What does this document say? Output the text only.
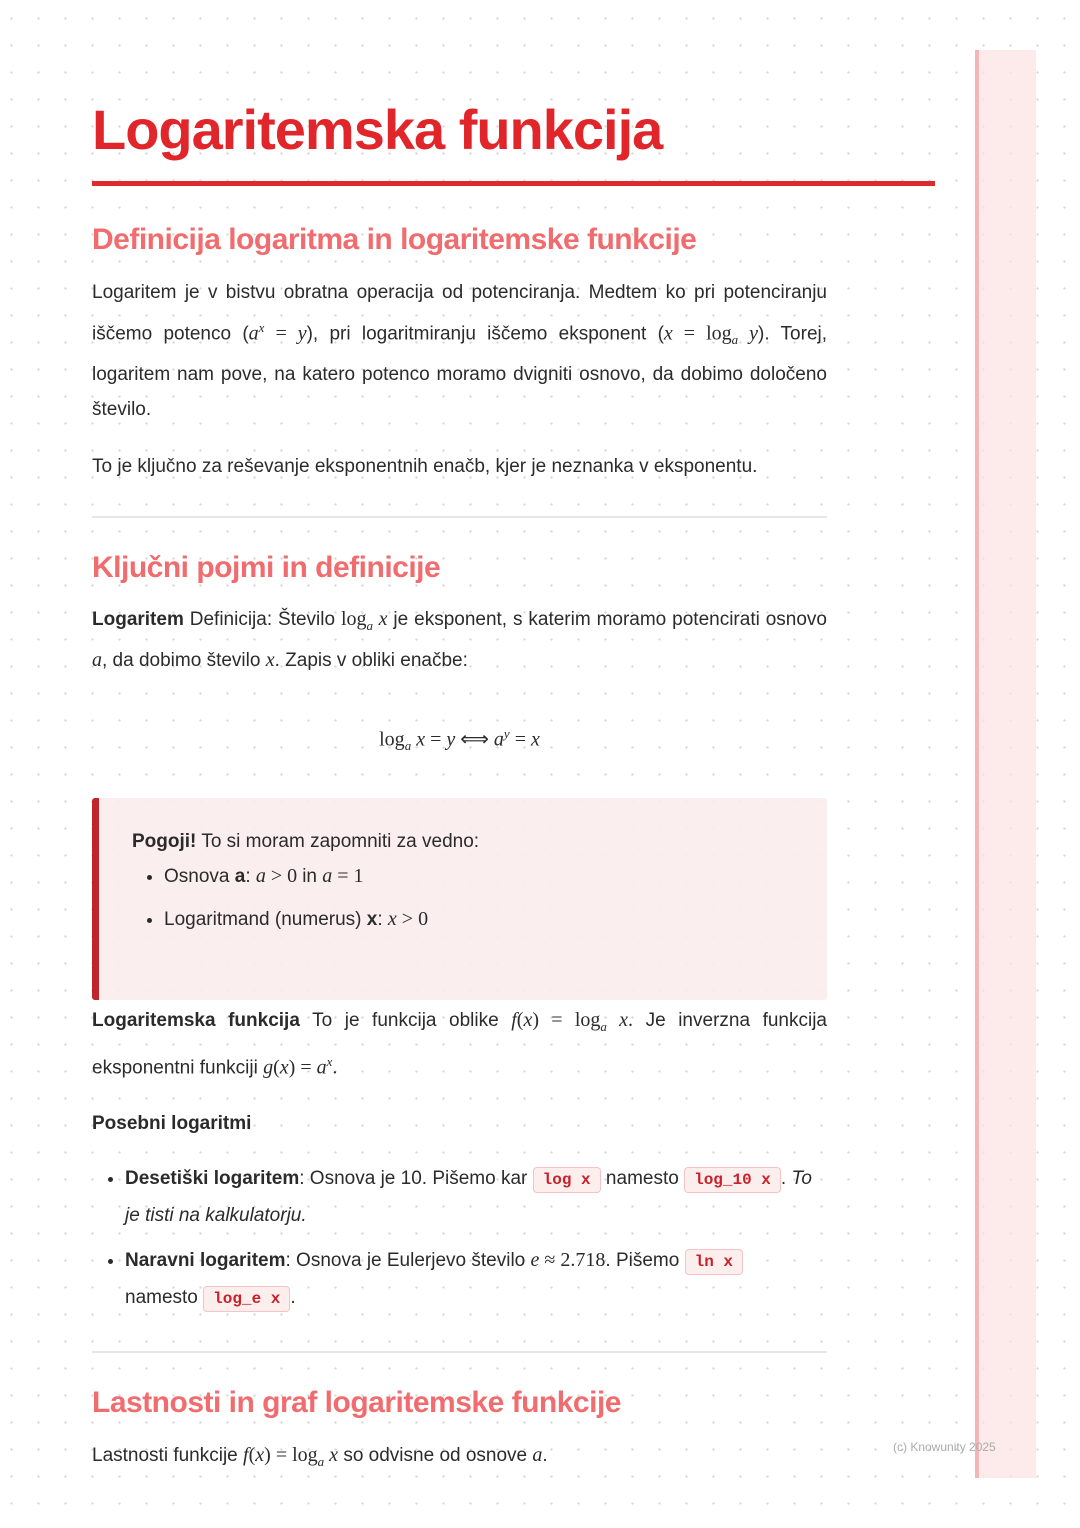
Logaritemska funkcija
Definicija logaritma in logaritemske funkcije

Logaritem je v bistvu obratna operacija od potenciranja. Medtem ko pri potenciranju iščemo potenco $(a^x = y)$, pri logaritmiranju iščemo eksponent $(x = \log_a y)$. Torej, logaritem nam pove, na katero potenco moramo dvigniti osnovo, da dobimo določeno število.

To je ključno za reševanje eksponentnih enačb, kjer je neznanka v eksponentu.

Ključni pojmi in definicije

Logaritem Definicija: Število $\log_a x$ je eksponent, s katerim moramo potencirati osnovo a, da dobimo število x. Zapis v obliki enačbe:

$\log_a x = y$ ⟺ $a^y = x$

Pogoji! To si moram zapomniti za vedno:

• Osnova a: a > 0 in a = 1
• Logaritmand (numerus) x: x > 0

Logaritemska funkcija To je funkcija oblike $f(x) = \log_a x$. Je inverzna funkcija eksponentni funkciji $g(x) = a^x$.

Posebni logaritmi

• Desetiški logaritem: Osnova je 10. Pišemo kar log x namesto log_10 x . To je tisti na kalkulatorju.
• Naravni logaritem: Osnova je Eulerjevo število e ≈ 2.718. Pišemo ln x namesto log_e x .
Lastnosti in graf logaritemske funkcije

Lastnosti funkcije $f(x) = \log_a x$ so odvisne od osnove a.	(c) Knowunity 2025
